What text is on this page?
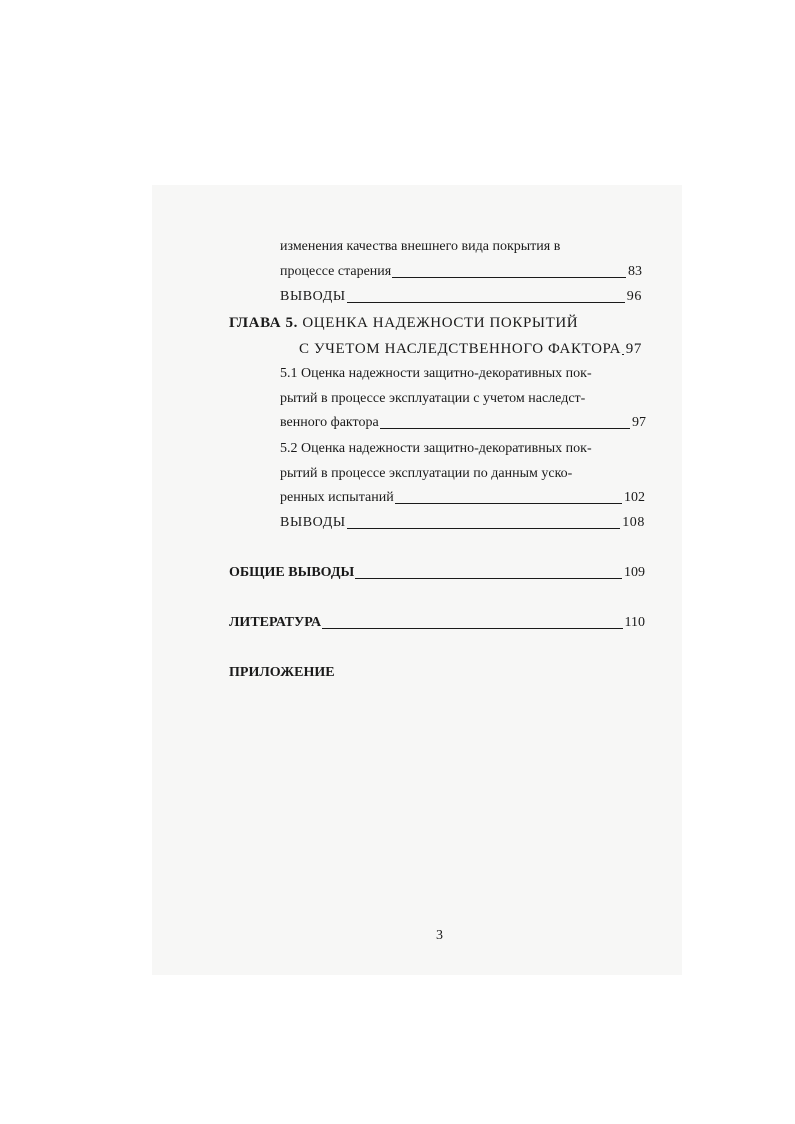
изменения качества внешнего вида покрытия в
процессе старения	83
ВЫВОДЫ	96
ГЛАВА 5. ОЦЕНКА НАДЕЖНОСТИ ПОКРЫТИЙ
С УЧЕТОМ НАСЛЕДСТВЕННОГО ФАКТОРА 97
5.1 Оценка надежности защитно-декоративных пок-
рытий в процессе эксплуатации с учетом наследст-
венного фактора	97
5.2 Оценка надежности защитно-декоративных пок-
рытий в процессе эксплуатации по данным уско-
ренных испытаний	102
ВЫВОДЫ	108
ОБЩИЕ ВЫВОДЫ	109
ЛИТЕРАТУРА	110
ПРИЛОЖЕНИЕ
3
